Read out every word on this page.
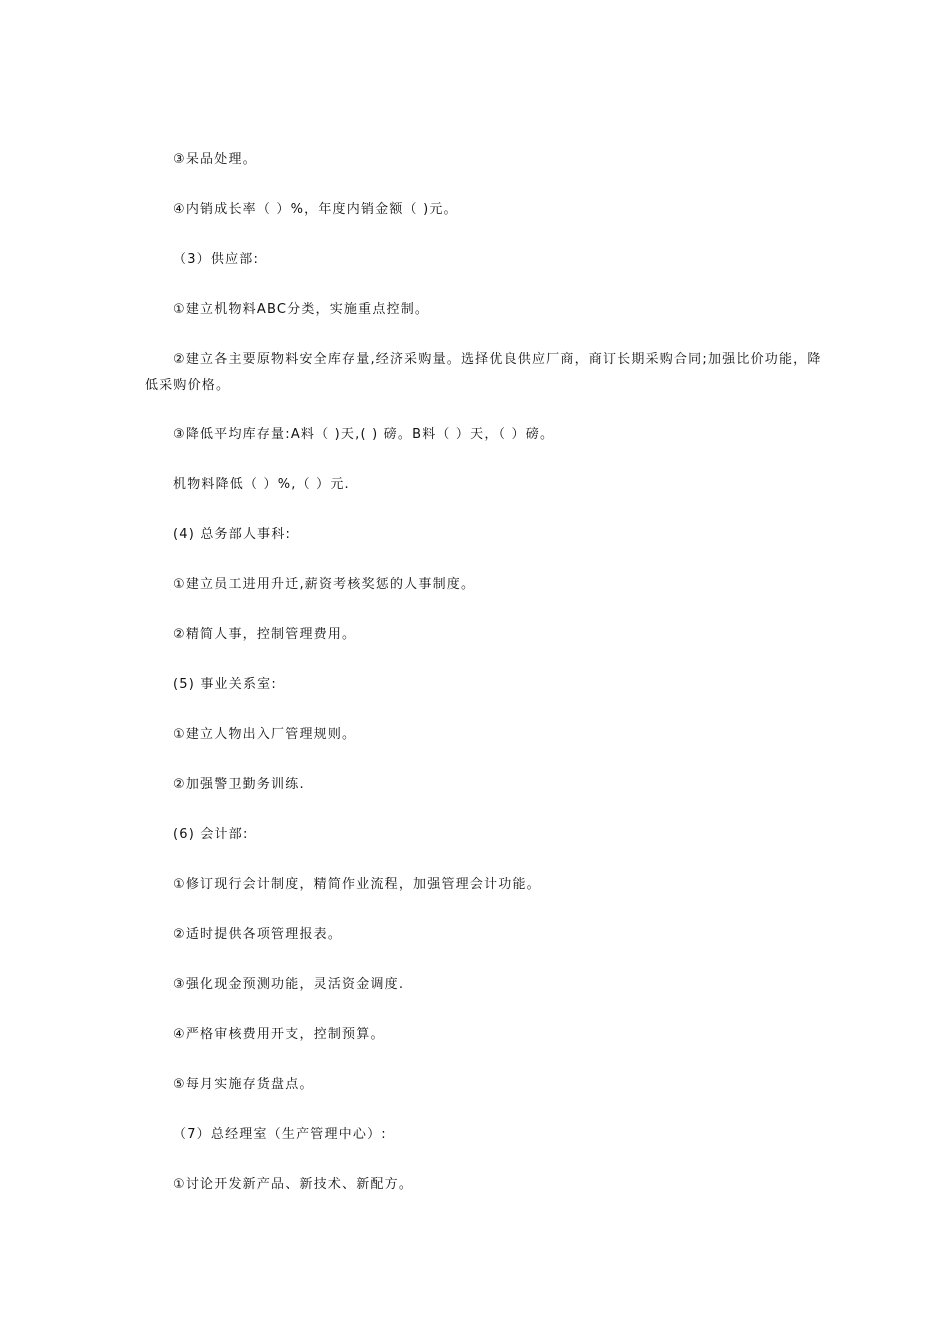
③呆品处理。

④内销成长率（ ）%，年度内销金额（ )元。

（3）供应部:

①建立机物料ABC分类，实施重点控制。

②建立各主要原物料安全库存量,经济采购量。选择优良供应厂商，商订长期采购合同;加强比价功能，降低采购价格。

③降低平均库存量:A料（ )天,( ) 磅。B料（ ）天，（ ）磅。

机物料降低（ ）%,（ ）元.

(4) 总务部人事科:

①建立员工进用升迁,薪资考核奖惩的人事制度。

②精简人事，控制管理费用。

(5) 事业关系室:

①建立人物出入厂管理规则。

②加强警卫勤务训练.

(6) 会计部:

①修订现行会计制度，精简作业流程，加强管理会计功能。

②适时提供各项管理报表。

③强化现金预测功能，灵活资金调度.

④严格审核费用开支，控制预算。

⑤每月实施存货盘点。

（7）总经理室（生产管理中心）:

①讨论开发新产品、新技术、新配方。
